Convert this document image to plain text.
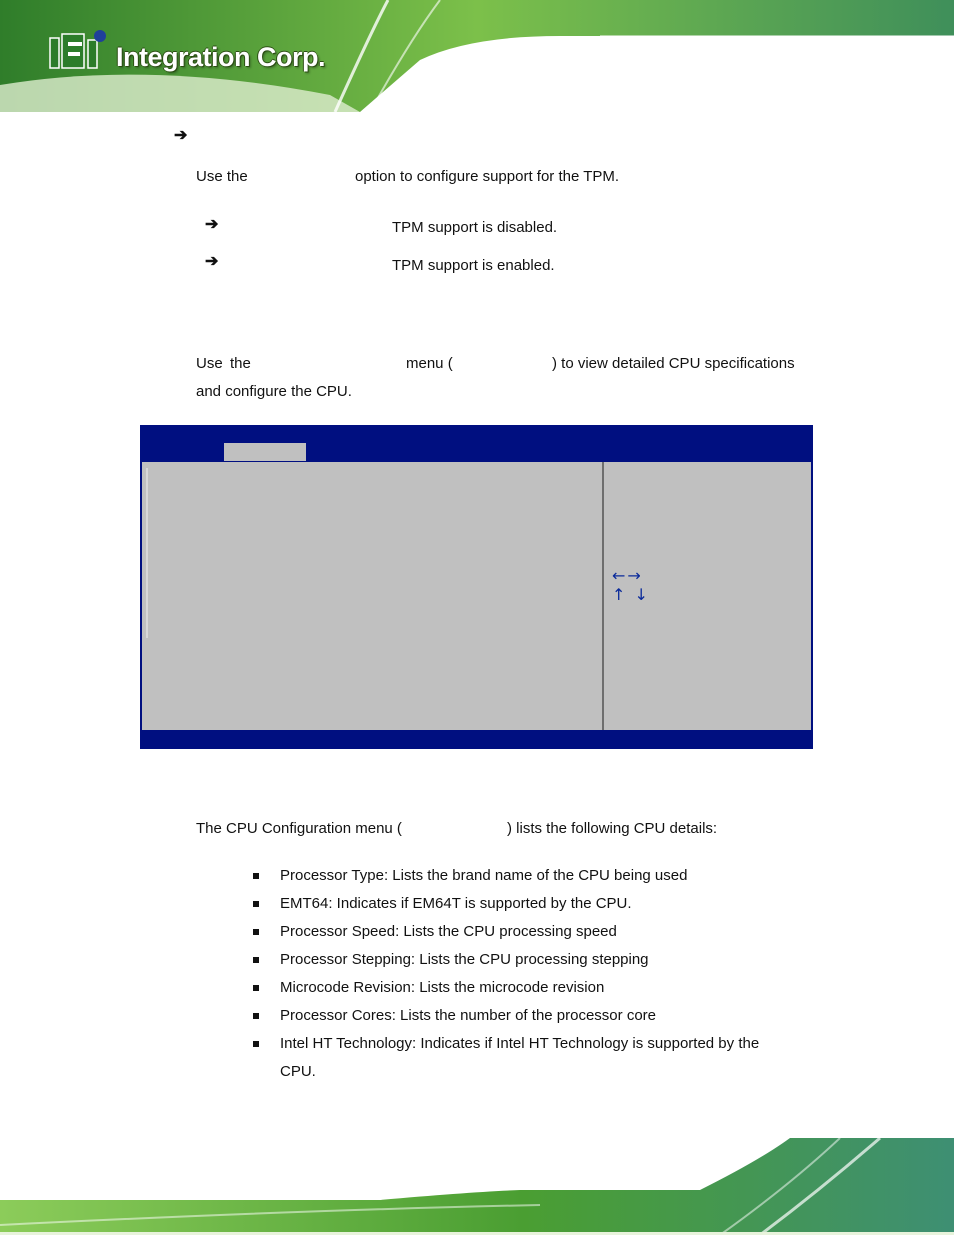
Integration Corp.
➔
Use the	option to configure support for the TPM.
➔	TPM support is disabled.
➔	TPM support is enabled.
Use the	menu (	) to view detailed CPU specifications
and configure the CPU.
←→
↑ ↓
The CPU Configuration menu (	) lists the following CPU details:
Processor Type: Lists the brand name of the CPU being used
EMT64: Indicates if EM64T is supported by the CPU.
Processor Speed: Lists the CPU processing speed
Processor Stepping: Lists the CPU processing stepping
Microcode Revision: Lists the microcode revision
Processor Cores: Lists the number of the processor core
Intel HT Technology: Indicates if Intel HT Technology is supported by the
CPU.
